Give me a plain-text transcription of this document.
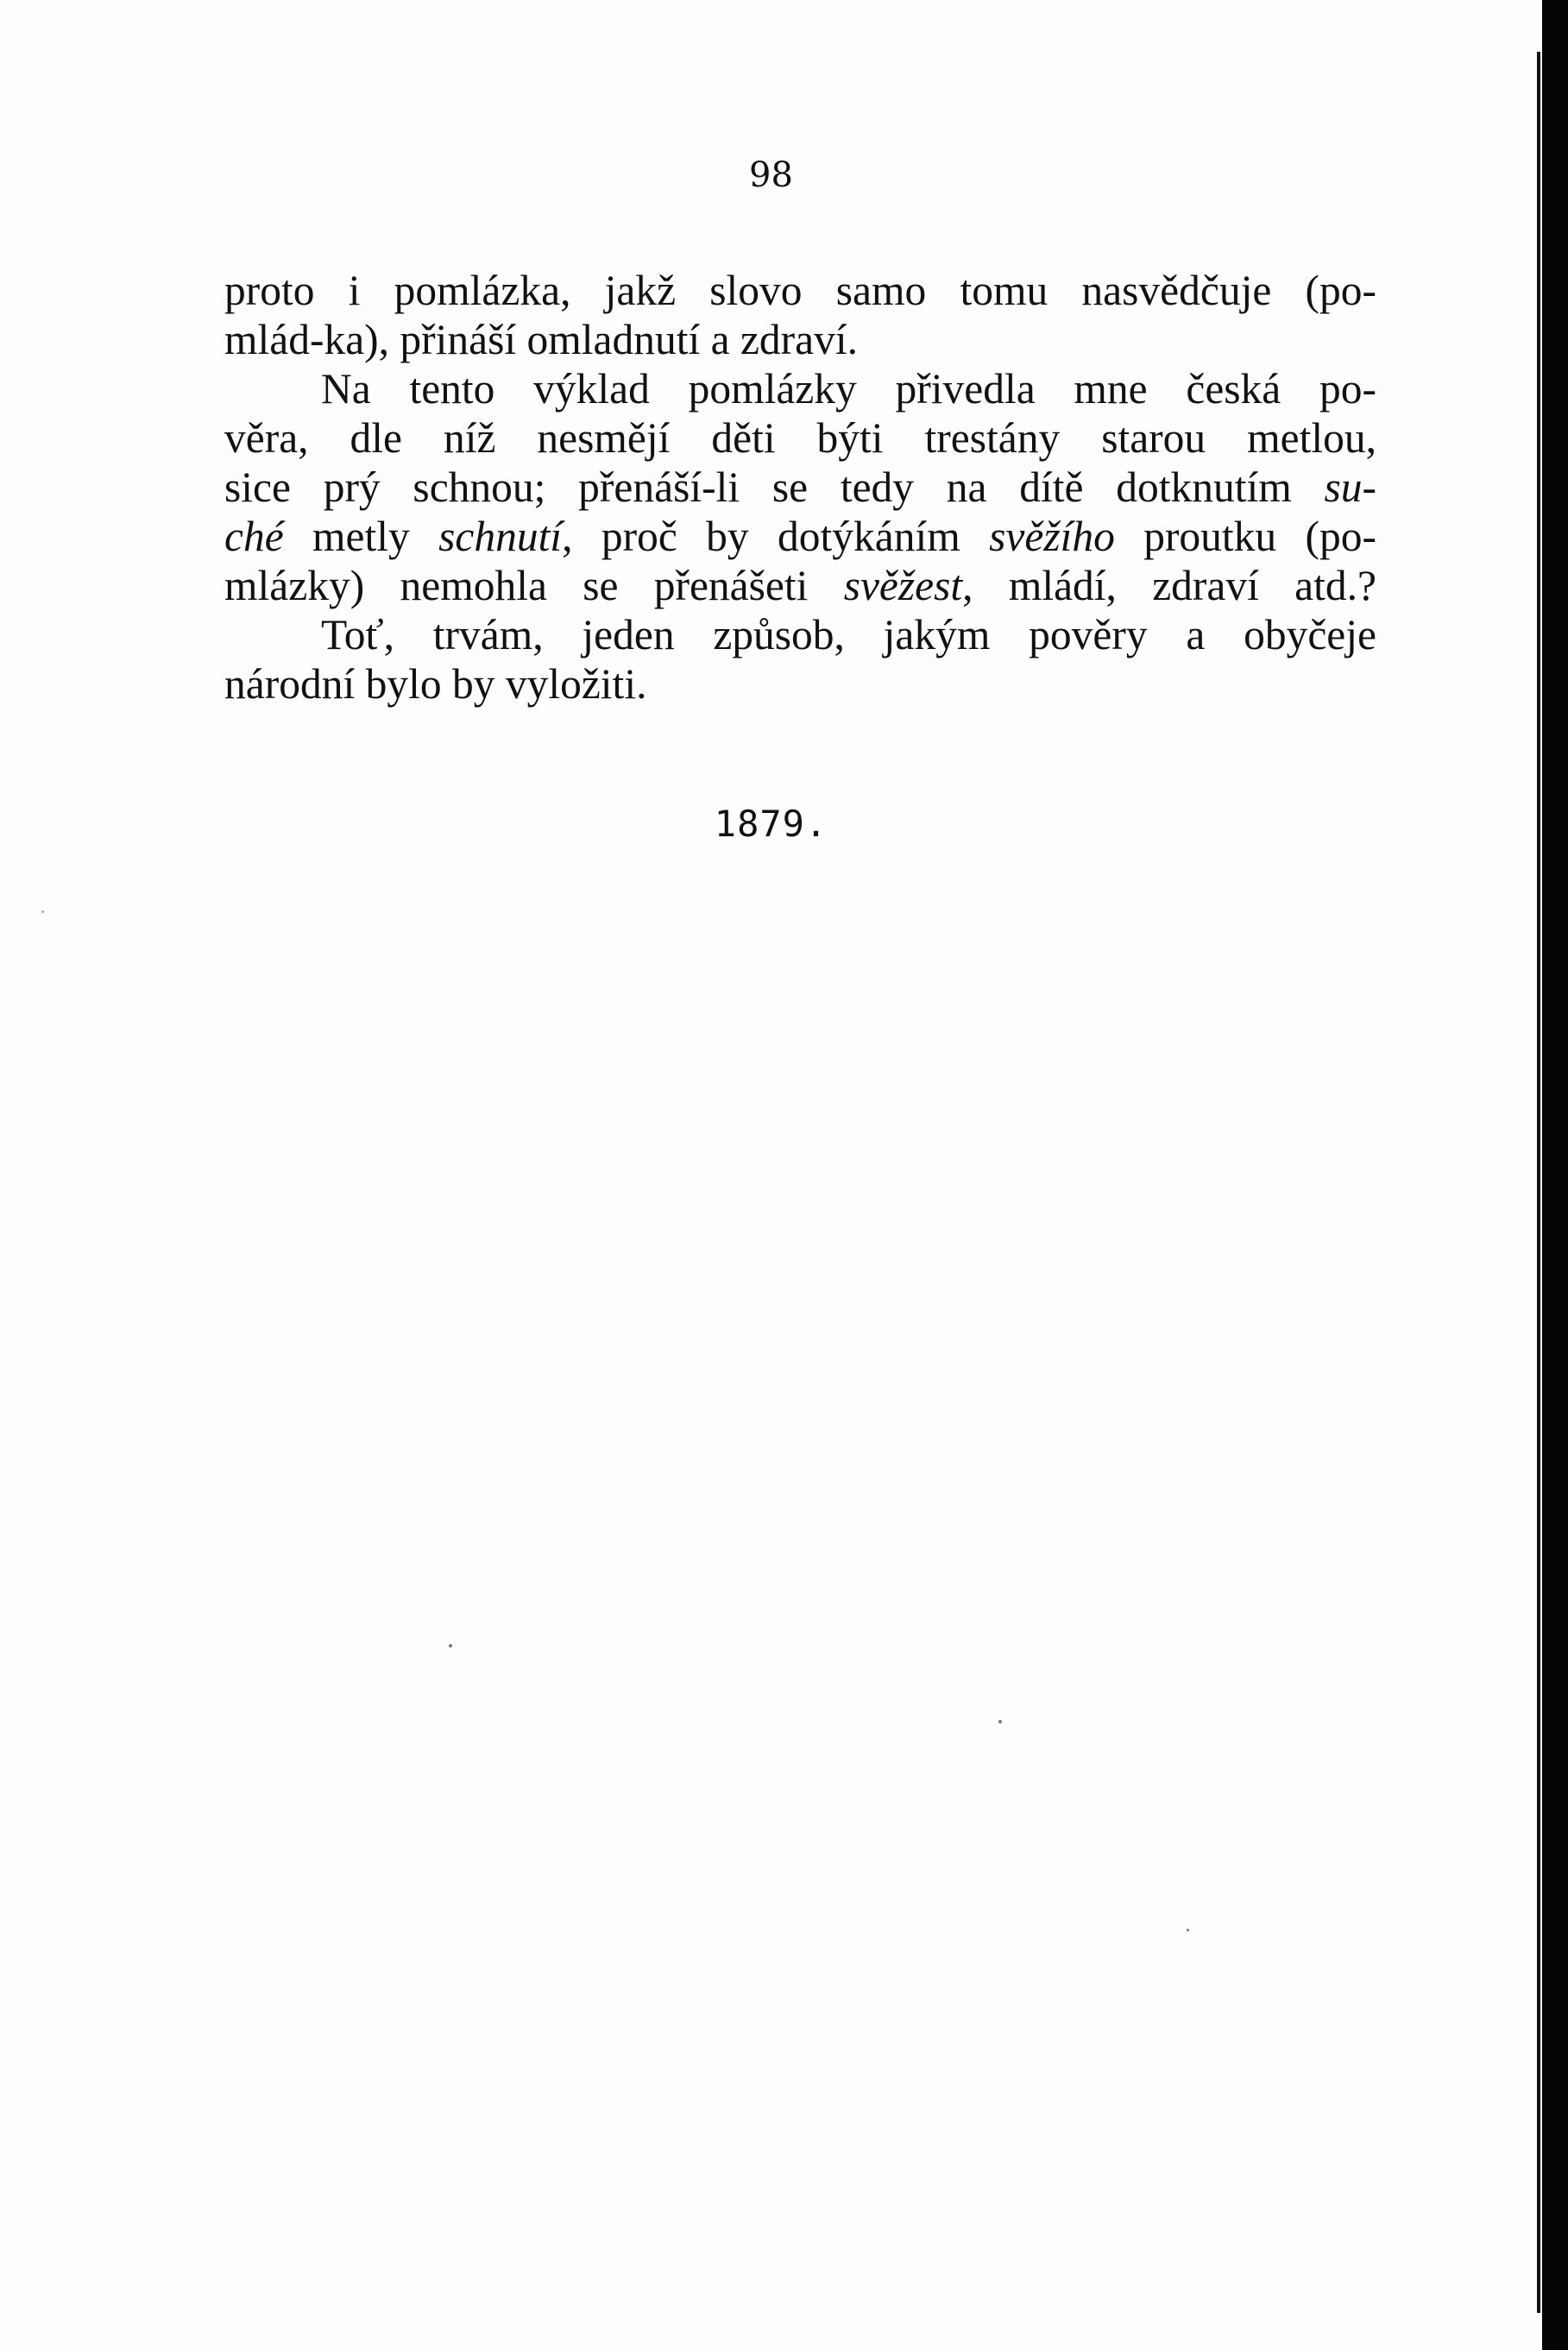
98
proto i pomlázka, jakž slovo samo tomu nasvědčuje (po-
mlád-ka), přináší omladnutí a zdraví.
Na tento výklad pomlázky přivedla mne česká po-
věra, dle níž nesmějí děti býti trestány starou metlou,
sice prý schnou; přenáší-li se tedy na dítě dotknutím su-
ché metly schnutí, proč by dotýkáním svěžího proutku (po-
mlázky) nemohla se přenášeti svěžest, mládí, zdraví atd.?
Toť, trvám, jeden způsob, jakým pověry a obyčeje
národní bylo by vyložiti.
1879.
